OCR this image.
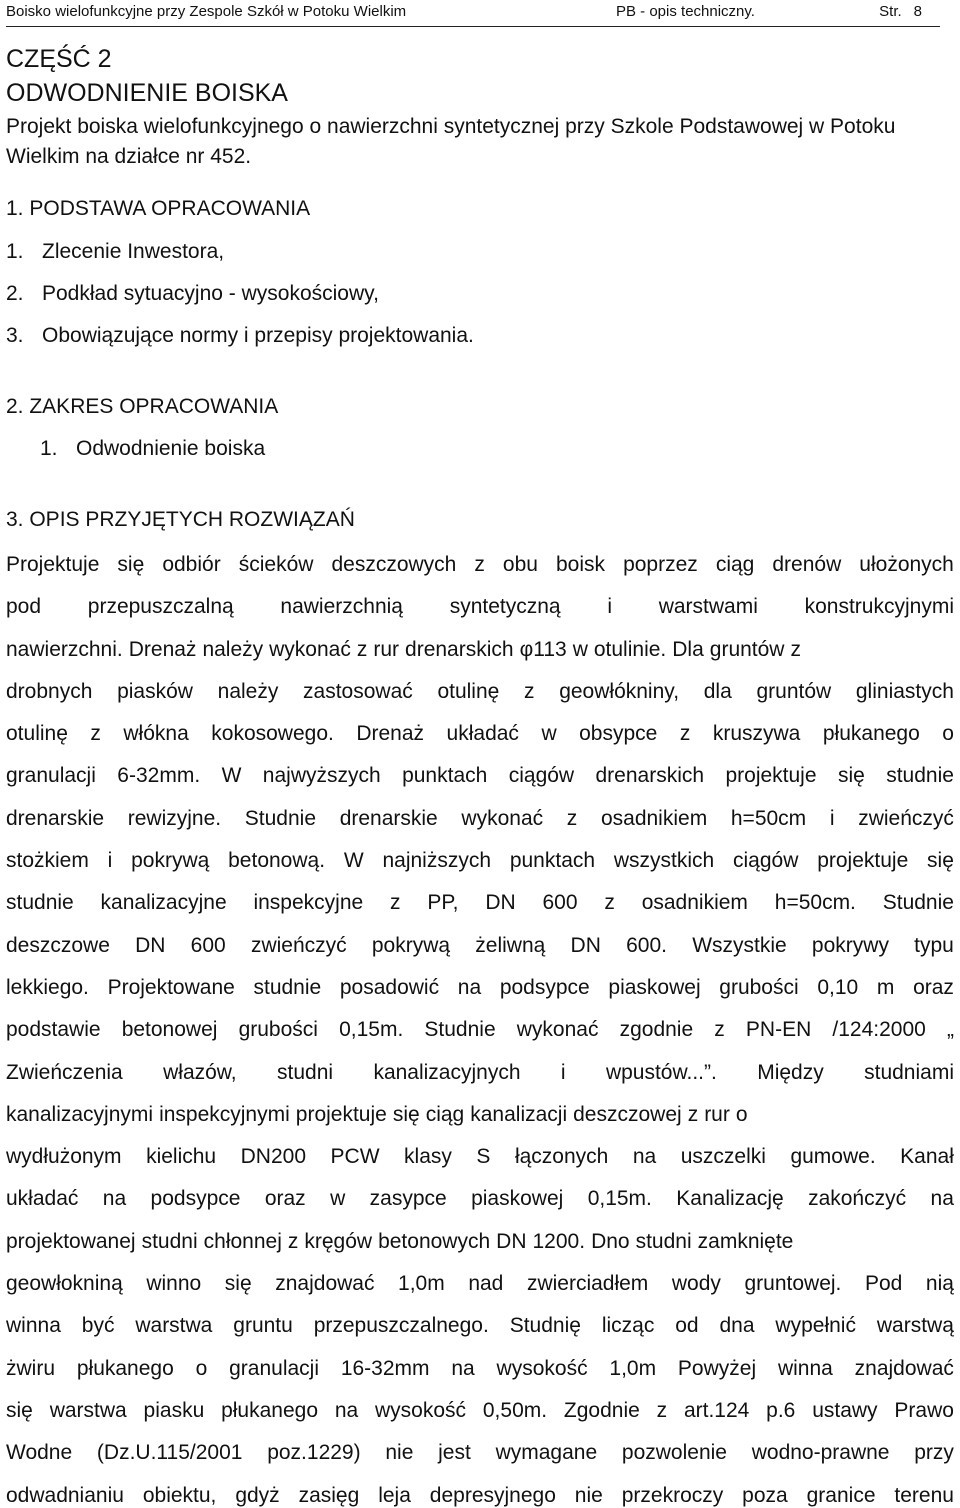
Boisko wielofunkcyjne przy Zespole Szkół w Potoku Wielkim	PB - opis techniczny.	Str. 8
CZĘŚĆ 2
ODWODNIENIE BOISKA
Projekt boiska wielofunkcyjnego o nawierzchni syntetycznej przy Szkole Podstawowej w Potoku Wielkim na działce nr 452.
1. PODSTAWA OPRACOWANIA
1. Zlecenie Inwestora,
2. Podkład sytuacyjno - wysokościowy,
3. Obowiązujące normy i przepisy projektowania.
2. ZAKRES OPRACOWANIA
1. Odwodnienie boiska
3. OPIS PRZYJĘTYCH ROZWIĄZAŃ
Projektuje się odbiór ścieków deszczowych z obu boisk poprzez ciąg drenów ułożonych
pod przepuszczalną nawierzchnią syntetyczną i warstwami konstrukcyjnymi
nawierzchni. Drenaż należy wykonać z rur drenarskich φ113 w otulinie. Dla gruntów z
drobnych piasków należy zastosować otulinę z geowłókniny, dla gruntów gliniastych
otulinę z włókna kokosowego. Drenaż układać w obsypce z kruszywa płukanego o
granulacji 6-32mm. W najwyższych punktach ciągów drenarskich projektuje się studnie
drenarskie rewizyjne. Studnie drenarskie wykonać z osadnikiem h=50cm i zwieńczyć
stożkiem i pokrywą betonową. W najniższych punktach wszystkich ciągów projektuje się
studnie kanalizacyjne inspekcyjne z PP, DN 600 z osadnikiem h=50cm. Studnie
deszczowe DN 600 zwieńczyć pokrywą żeliwną DN 600. Wszystkie pokrywy typu
lekkiego. Projektowane studnie posadowić na podsypce piaskowej grubości 0,10 m oraz
podstawie betonowej grubości 0,15m. Studnie wykonać zgodnie z PN-EN /124:2000 „
Zwieńczenia włazów, studni kanalizacyjnych i wpustów...”. Między studniami
kanalizacyjnymi inspekcyjnymi projektuje się ciąg kanalizacji deszczowej z rur o
wydłużonym kielichu DN200 PCW klasy S łączonych na uszczelki gumowe. Kanał
układać na podsypce oraz w zasypce piaskowej 0,15m. Kanalizację zakończyć na
projektowanej studni chłonnej z kręgów betonowych DN 1200. Dno studni zamknięte
geowłokniną winno się znajdować 1,0m nad zwierciadłem wody gruntowej. Pod nią
winna być warstwa gruntu przepuszczalnego. Studnię licząc od dna wypełnić warstwą
żwiru płukanego o granulacji 16-32mm na wysokość 1,0m Powyżej winna znajdować
się warstwa piasku płukanego na wysokość 0,50m. Zgodnie z art.124 p.6 ustawy Prawo
Wodne (Dz.U.115/2001 poz.1229) nie jest wymagane pozwolenie wodno-prawne przy
odwadnianiu obiektu, gdyż zasięg leja depresyjnego nie przekroczy poza granice terenu
